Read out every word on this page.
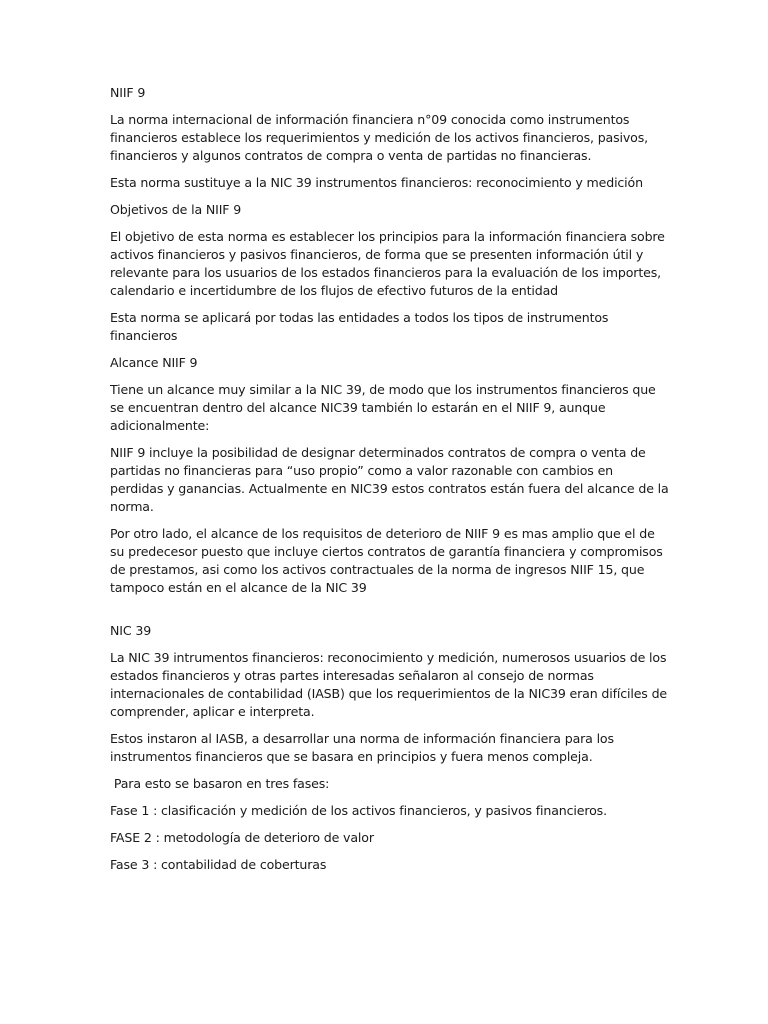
NIIF 9

La norma internacional de información financiera n°09 conocida como instrumentos financieros establece los requerimientos y medición de los activos financieros, pasivos, financieros y algunos contratos de compra o venta de partidas no financieras.

Esta norma sustituye a la NIC 39 instrumentos financieros: reconocimiento y medición

Objetivos de la NIIF 9

El objetivo de esta norma es establecer los principios para la información financiera sobre activos financieros y pasivos financieros, de forma que se presenten información útil y relevante para los usuarios de los estados financieros para la evaluación de los importes, calendario e incertidumbre de los flujos de efectivo futuros de la entidad

Esta norma se aplicará por todas las entidades a todos los tipos de instrumentos financieros

Alcance NIIF 9

Tiene un alcance muy similar a la NIC 39, de modo que los instrumentos financieros que se encuentran dentro del alcance NIC39 también lo estarán en el NIIF 9, aunque adicionalmente:

NIIF 9 incluye la posibilidad de designar determinados contratos de compra o venta de partidas no financieras para “uso propio” como a valor razonable con cambios en perdidas y ganancias. Actualmente en NIC39 estos contratos están fuera del alcance de la norma.

Por otro lado, el alcance de los requisitos de deterioro de NIIF 9 es mas amplio que el de su predecesor puesto que incluye ciertos contratos de garantía financiera y compromisos de prestamos, asi como los activos contractuales de la norma de ingresos NIIF 15, que tampoco están en el alcance de la NIC 39

NIC 39

La NIC 39 intrumentos financieros: reconocimiento y medición, numerosos usuarios de los estados financieros y otras partes interesadas señalaron al consejo de normas internacionales de contabilidad (IASB) que los requerimientos de la NIC39 eran difíciles de comprender, aplicar e interpreta.

Estos instaron al IASB, a desarrollar una norma de información financiera para los instrumentos financieros que se basara en principios y fuera menos compleja.

Para esto se basaron en tres fases:

Fase 1 : clasificación y medición de los activos financieros, y pasivos financieros.

FASE 2 : metodología de deterioro de valor

Fase 3 : contabilidad de coberturas
